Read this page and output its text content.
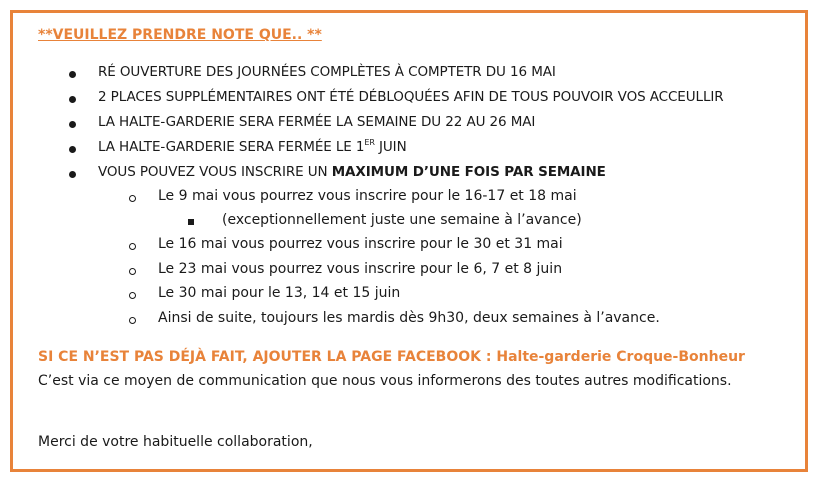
**VEUILLEZ PRENDRE NOTE QUE.. **
RÉ OUVERTURE DES JOURNÉES COMPLÈTES À COMPTETR DU 16 MAI
2 PLACES SUPPLÉMENTAIRES ONT ÉTÉ DÉBLOQUÉES AFIN DE TOUS POUVOIR VOS ACCEULLIR
LA HALTE-GARDERIE SERA FERMÉE LA SEMAINE DU 22 AU 26 MAI
LA HALTE-GARDERIE SERA FERMÉE LE 1ER JUIN
VOUS POUVEZ VOUS INSCRIRE UN MAXIMUM D’UNE FOIS PAR SEMAINE
Le 9 mai vous pourrez vous inscrire pour le 16-17 et 18 mai
(exceptionnellement juste une semaine à l’avance)
Le 16 mai vous pourrez vous inscrire pour le 30 et 31 mai
Le 23 mai vous pourrez vous inscrire pour le 6, 7 et 8 juin
Le 30 mai pour le 13, 14 et 15 juin
Ainsi de suite, toujours les mardis dès 9h30, deux semaines à l’avance.
SI CE N’EST PAS DÉJÀ FAIT, AJOUTER LA PAGE FACEBOOK : Halte-garderie Croque-Bonheur
C’est via ce moyen de communication que nous vous informerons des toutes autres modifications.
Merci de votre habituelle collaboration,
